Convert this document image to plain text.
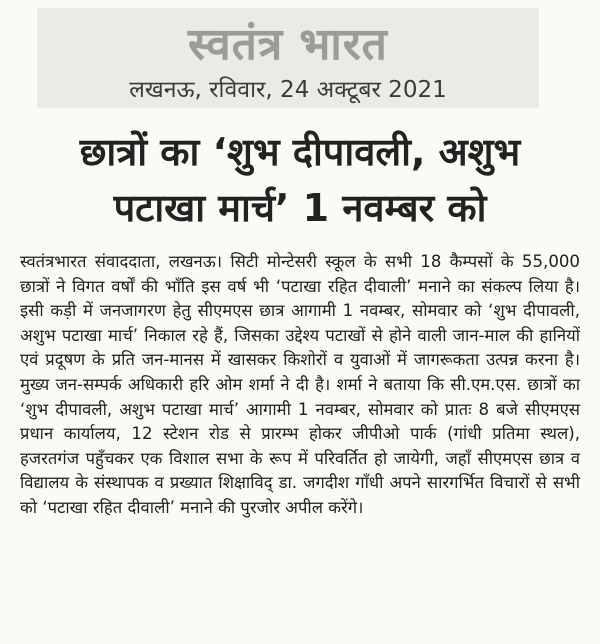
स्वतंत्र भारत
लखनऊ, रविवार, 24 अक्टूबर 2021
छात्रों का ‘शुभ दीपावली, अशुभ
पटाखा मार्च’ 1 नवम्बर को

स्वतंत्रभारत संवाददाता, लखनऊ। सिटी मोन्टेसरी स्कूल के सभी 18 कैम्पसों के 55,000 छात्रों ने विगत वर्षों की भाँति इस वर्ष भी ‘पटाखा रहित दीवाली’ मनाने का संकल्प लिया है। इसी कड़ी में जनजागरण हेतु सीएमएस छात्र आगामी 1 नवम्बर, सोमवार को ‘शुभ दीपावली, अशुभ पटाखा मार्च’ निकाल रहे हैं, जिसका उद्देश्य पटाखों से होने वाली जान-माल की हानियों एवं प्रदूषण के प्रति जन-मानस में खासकर किशोरों व युवाओं में जागरूकता उत्पन्न करना है। मुख्य जन-सम्पर्क अधिकारी हरि ओम शर्मा ने दी है। शर्मा ने बताया कि सी.एम.एस. छात्रों का ‘शुभ दीपावली, अशुभ पटाखा मार्च’ आगामी 1 नवम्बर, सोमवार को प्रातः 8 बजे सीएमएस प्रधान कार्यालय, 12 स्टेशन रोड से प्रारम्भ होकर जीपीओ पार्क (गांधी प्रतिमा स्थल), हजरतगंज पहुँचकर एक विशाल सभा के रूप में परिवर्तित हो जायेगी, जहाँ सीएमएस छात्र व विद्यालय के संस्थापक व प्रख्यात शिक्षाविद् डा. जगदीश गाँधी अपने सारगर्भित विचारों से सभी को ‘पटाखा रहित दीवाली’ मनाने की पुरजोर अपील करेंगे।
